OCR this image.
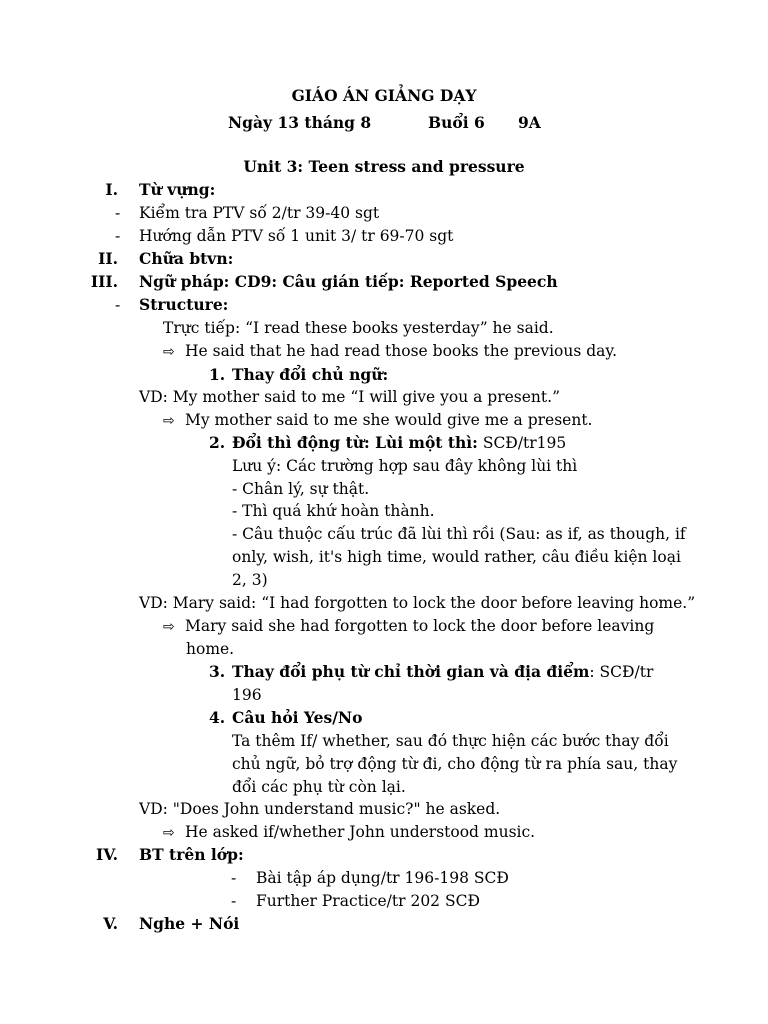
GIÁO ÁN GIẢNG DẠY
Ngày 13 tháng 8	Buổi 6 9A
Unit 3: Teen stress and pressure
I. Từ vựng:
- Kiểm tra PTV số 2/tr 39-40 sgt
- Hướng dẫn PTV số 1 unit 3/ tr 69-70 sgt
II. Chữa btvn:
III. Ngữ pháp: CD9: Câu gián tiếp: Reported Speech
- Structure:
Trực tiếp: “I read these books yesterday” he said.
⇨ He said that he had read those books the previous day.
1. Thay đổi chủ ngữ:
VD: My mother said to me “I will give you a present.”
⇨ My mother said to me she would give me a present.
2. Đổi thì động từ: Lùi một thì: SCĐ/tr195
Lưu ý: Các trường hợp sau đây không lùi thì
- Chân lý, sự thật.
- Thì quá khứ hoàn thành.
- Câu thuộc cấu trúc đã lùi thì rồi (Sau: as if, as though, if
only, wish, it's high time, would rather, câu điều kiện loại
2, 3)
VD: Mary said: “I had forgotten to lock the door before leaving home.”
⇨ Mary said she had forgotten to lock the door before leaving
home.
3. Thay đổi phụ từ chỉ thời gian và địa điểm: SCĐ/tr
196
4. Câu hỏi Yes/No
Ta thêm If/ whether, sau đó thực hiện các bước thay đổi
chủ ngữ, bỏ trợ động từ đi, cho động từ ra phía sau, thay
đổi các phụ từ còn lại.
VD: "Does John understand music?" he asked.
⇨ He asked if/whether John understood music.
IV. BT trên lớp:
- Bài tập áp dụng/tr 196-198 SCĐ
- Further Practice/tr 202 SCĐ
V. Nghe + Nói
